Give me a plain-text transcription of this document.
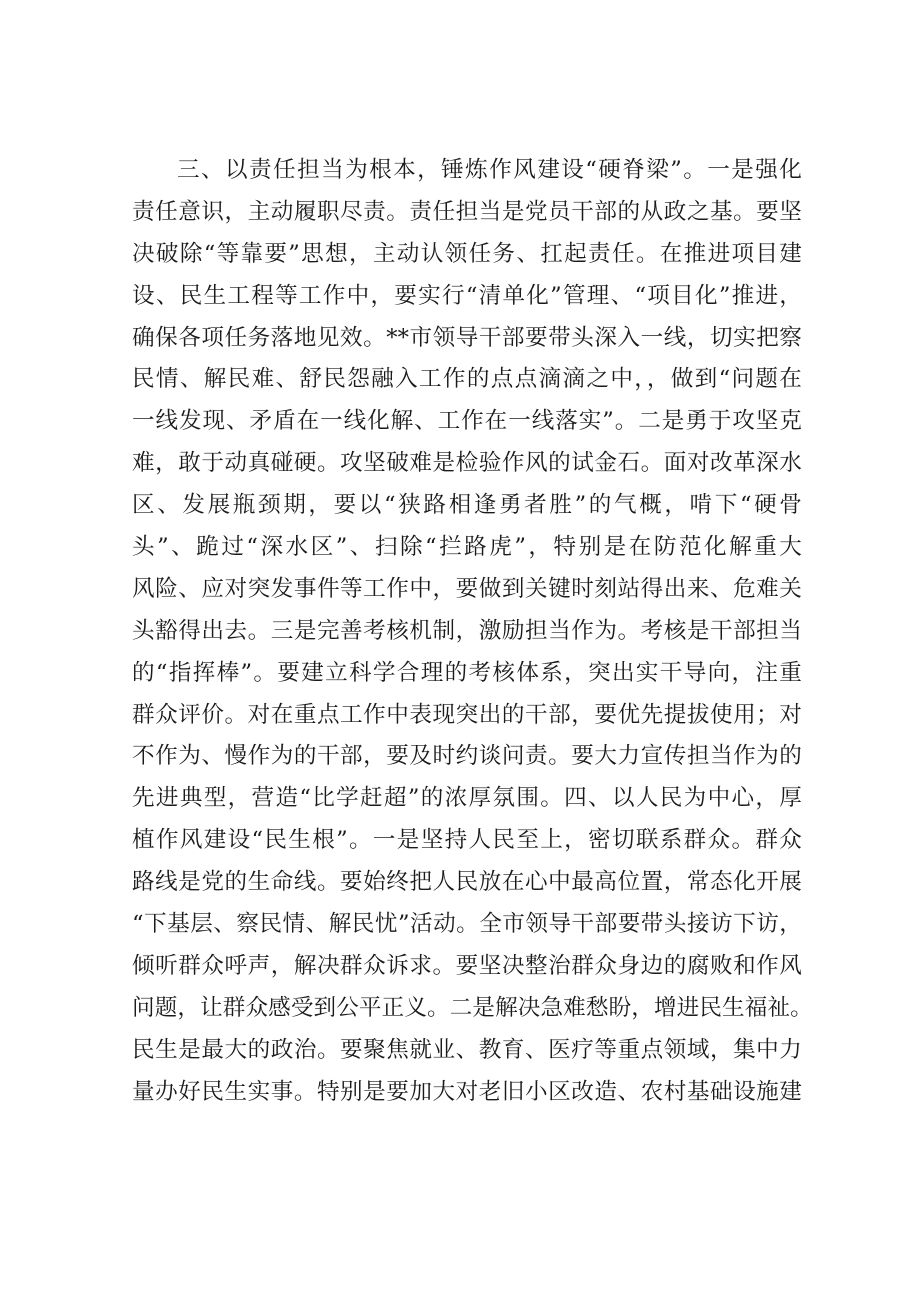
三、以责任担当为根本，锤炼作风建设“硬脊梁”。一是强化
责任意识，主动履职尽责。责任担当是党员干部的从政之基。要坚
决破除“等靠要”思想，主动认领任务、扛起责任。在推进项目建
设、民生工程等工作中，要实行“清单化”管理、“项目化”推进，
确保各项任务落地见效。**市领导干部要带头深入一线，切实把察
民情、解民难、舒民怨融入工作的点点滴滴之中，，做到“问题在
一线发现、矛盾在一线化解、工作在一线落实”。二是勇于攻坚克
难，敢于动真碰硬。攻坚破难是检验作风的试金石。面对改革深水
区、发展瓶颈期，要以“狭路相逢勇者胜”的气概，啃下“硬骨
头”、跪过“深水区”、扫除“拦路虎”，特别是在防范化解重大
风险、应对突发事件等工作中，要做到关键时刻站得出来、危难关
头豁得出去。三是完善考核机制，激励担当作为。考核是干部担当
的“指挥棒”。要建立科学合理的考核体系，突出实干导向，注重
群众评价。对在重点工作中表现突出的干部，要优先提拔使用；对
不作为、慢作为的干部，要及时约谈问责。要大力宣传担当作为的
先进典型，营造“比学赶超”的浓厚氛围。四、以人民为中心，厚
植作风建设“民生根”。一是坚持人民至上，密切联系群众。群众
路线是党的生命线。要始终把人民放在心中最高位置，常态化开展
“下基层、察民情、解民忧”活动。全市领导干部要带头接访下访，
倾听群众呼声，解决群众诉求。要坚决整治群众身边的腐败和作风
问题，让群众感受到公平正义。二是解决急难愁盼，增进民生福祉。
民生是最大的政治。要聚焦就业、教育、医疗等重点领域，集中力
量办好民生实事。特别是要加大对老旧小区改造、农村基础设施建
